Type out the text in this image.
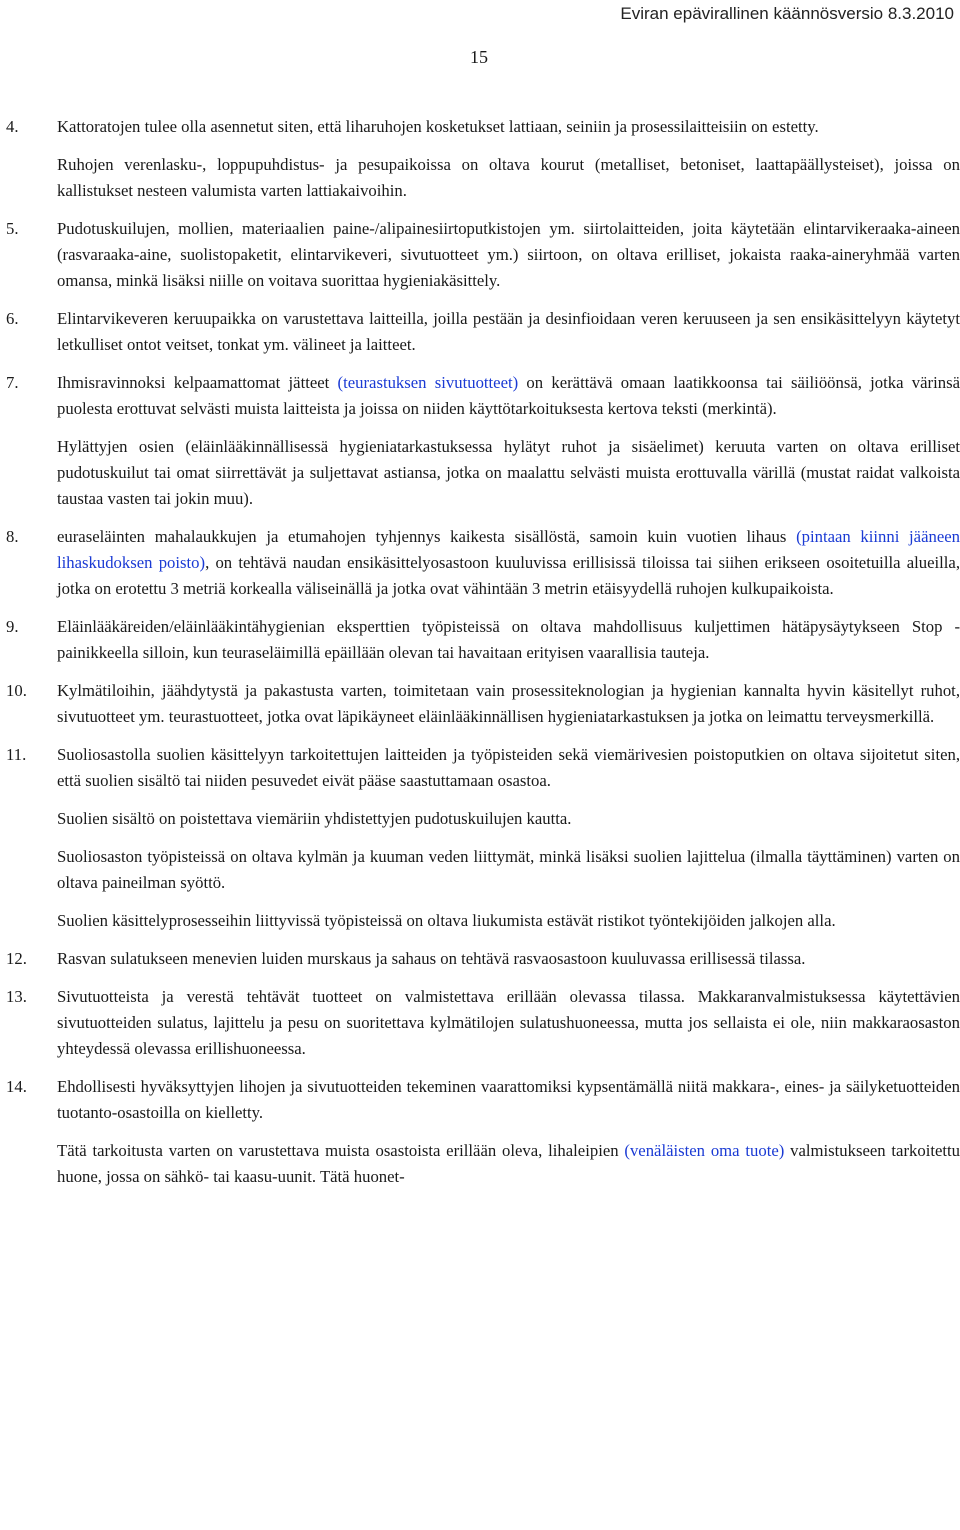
Eviran epävirallinen käännösversio 8.3.2010
15
4.	Kattoratojen tulee olla asennetut siten, että liharuhojen kosketukset lattiaan, seiniin ja prosessilaitteisiin on estetty.

Ruhojen verenlasku-, loppupuhdistus- ja pesupaikoissa on oltava kourut (metalliset, betoniset, laattapäällysteiset), joissa on kallistukset nesteen valumista varten lattiakaivoihin.

5.	Pudotuskuilujen, mollien, materiaalien paine-/alipainesiirtoputkistojen ym. siirtolaitteiden, joita käytetään elintarvikeraaka-aineen (rasvaraaka-aine, suolistopaketit, elintarvikeveri, sivutuotteet ym.) siirtoon, on oltava erilliset, jokaista raaka-aineryhmää varten omansa, minkä lisäksi niille on voitava suorittaa hygieniakäsittely.

6.	Elintarvikeveren keruupaikka on varustettava laitteilla, joilla pestään ja desinfioidaan veren keruuseen ja sen ensikäsittelyyn käytetyt letkulliset ontot veitset, tonkat ym. välineet ja laitteet.

7.	Ihmisravinnoksi kelpaamattomat jätteet (teurastuksen sivutuotteet) on kerättävä omaan laatikkoonsa tai säiliöönsä, jotka värinsä puolesta erottuvat selvästi muista laitteista ja joissa on niiden käyttötarkoituksesta kertova teksti (merkintä).

Hylättyjen osien (eläinlääkinnällisessä hygieniatarkastuksessa hylätyt ruhot ja sisäelimet) keruuta varten on oltava erilliset pudotuskuilut tai omat siirrettävät ja suljettavat astiansa, jotka on maalattu selvästi muista erottuvalla värillä (mustat raidat valkoista taustaa vasten tai jokin muu).

8.	euraseläinten mahalaukkujen ja etumahojen tyhjennys kaikesta sisällöstä, samoin kuin vuotien lihaus (pintaan kiinni jääneen lihaskudoksen poisto), on tehtävä naudan ensikäsittelyosastoon kuuluvissa erillisissä tiloissa tai siihen erikseen osoitetuilla alueilla, jotka on erotettu 3 metriä korkealla väliseinällä ja jotka ovat vähintään 3 metrin etäisyydellä ruhojen kulkupaikoista.

9.	Eläinlääkäreiden/eläinlääkintähygienian eksperttien työpisteissä on oltava mahdollisuus kuljettimen hätäpysäytykseen Stop -painikkeella silloin, kun teuraseläimillä epäillään olevan tai havaitaan erityisen vaarallisia tauteja.

10.	Kylmätiloihin, jäähdytystä ja pakastusta varten, toimitetaan vain prosessiteknologian ja hygienian kannalta hyvin käsitellyt ruhot, sivutuotteet ym. teurastuotteet, jotka ovat läpikäyneet eläinlääkinnällisen hygieniatarkastuksen ja jotka on leimattu terveysmerkillä.

11.	Suoliosastolla suolien käsittelyyn tarkoitettujen laitteiden ja työpisteiden sekä viemärivesien poistoputkien on oltava sijoitetut siten, että suolien sisältö tai niiden pesuvedet eivät pääse saastuttamaan osastoa.

Suolien sisältö on poistettava viemäriin yhdistettyjen pudotuskuilujen kautta.

Suoliosaston työpisteissä on oltava kylmän ja kuuman veden liittymät, minkä lisäksi suolien lajittelua (ilmalla täyttäminen) varten on oltava paineilman syöttö.

Suolien käsittelyprosesseihin liittyvissä työpisteissä on oltava liukumista estävät ristikot työntekijöiden jalkojen alla.

12.	Rasvan sulatukseen menevien luiden murskaus ja sahaus on tehtävä rasvaosastoon kuuluvassa erillisessä tilassa.

13.	Sivutuotteista ja verestä tehtävät tuotteet on valmistettava erillään olevassa tilassa. Makkaranvalmistuksessa käytettävien sivutuotteiden sulatus, lajittelu ja pesu on suoritettava kylmätilojen sulatushuoneessa, mutta jos sellaista ei ole, niin makkaraosaston yhteydessä olevassa erillishuoneessa.

14.	Ehdollisesti hyväksyttyjen lihojen ja sivutuotteiden tekeminen vaarattomiksi kypsentämällä niitä makkara-, eines- ja säilyketuotteiden tuotanto-osastoilla on kielletty.

Tätä tarkoitusta varten on varustettava muista osastoista erillään oleva, lihaleipien (venäläisten oma tuote) valmistukseen tarkoitettu huone, jossa on sähkö- tai kaasu-uunit. Tätä huonet-
